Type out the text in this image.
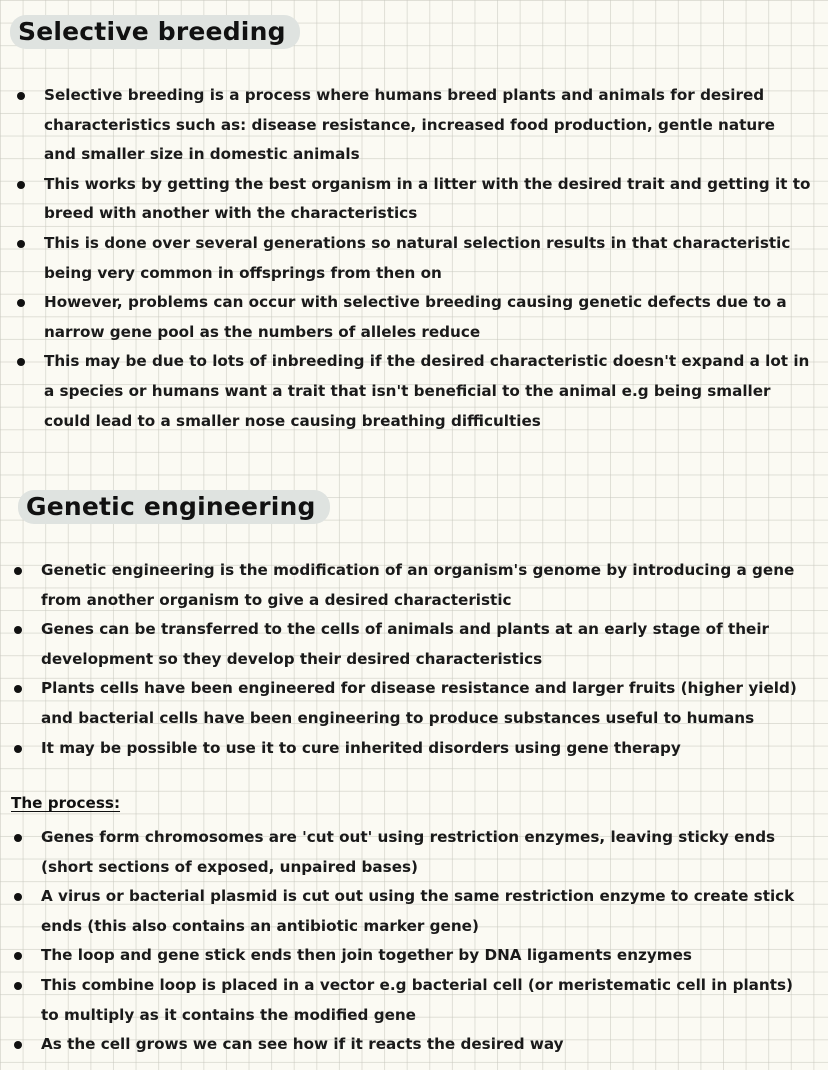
Selective breeding
Selective breeding is a process where humans breed plants and animals for desired characteristics such as: disease resistance, increased food production, gentle nature and smaller size in domestic animals
This works by getting the best organism in a litter with the desired trait and getting it to breed with another with the characteristics
This is done over several generations so natural selection results in that characteristic being very common in offsprings from then on
However, problems can occur with selective breeding causing genetic defects due to a narrow gene pool as the numbers of alleles reduce
This may be due to lots of inbreeding if the desired characteristic doesn't expand a lot in a species or humans want a trait that isn't beneficial to the animal e.g being smaller could lead to a smaller nose causing breathing difficulties
Genetic engineering
Genetic engineering is the modification of an organism's genome by introducing a gene from another organism to give a desired characteristic
Genes can be transferred to the cells of animals and plants at an early stage of their development so they develop their desired characteristics
Plants cells have been engineered for disease resistance and larger fruits (higher yield) and bacterial cells have been engineering to produce substances useful to humans
It may be possible to use it to cure inherited disorders using gene therapy
The process:
Genes form chromosomes are 'cut out' using restriction enzymes, leaving sticky ends (short sections of exposed, unpaired bases)
A virus or bacterial plasmid is cut out using the same restriction enzyme to create stick ends (this also contains an antibiotic marker gene)
The loop and gene stick ends then join together by DNA ligaments enzymes
This combine loop is placed in a vector e.g bacterial cell (or meristematic cell in plants) to multiply as it contains the modified gene
As the cell grows we can see how if it reacts the desired way
